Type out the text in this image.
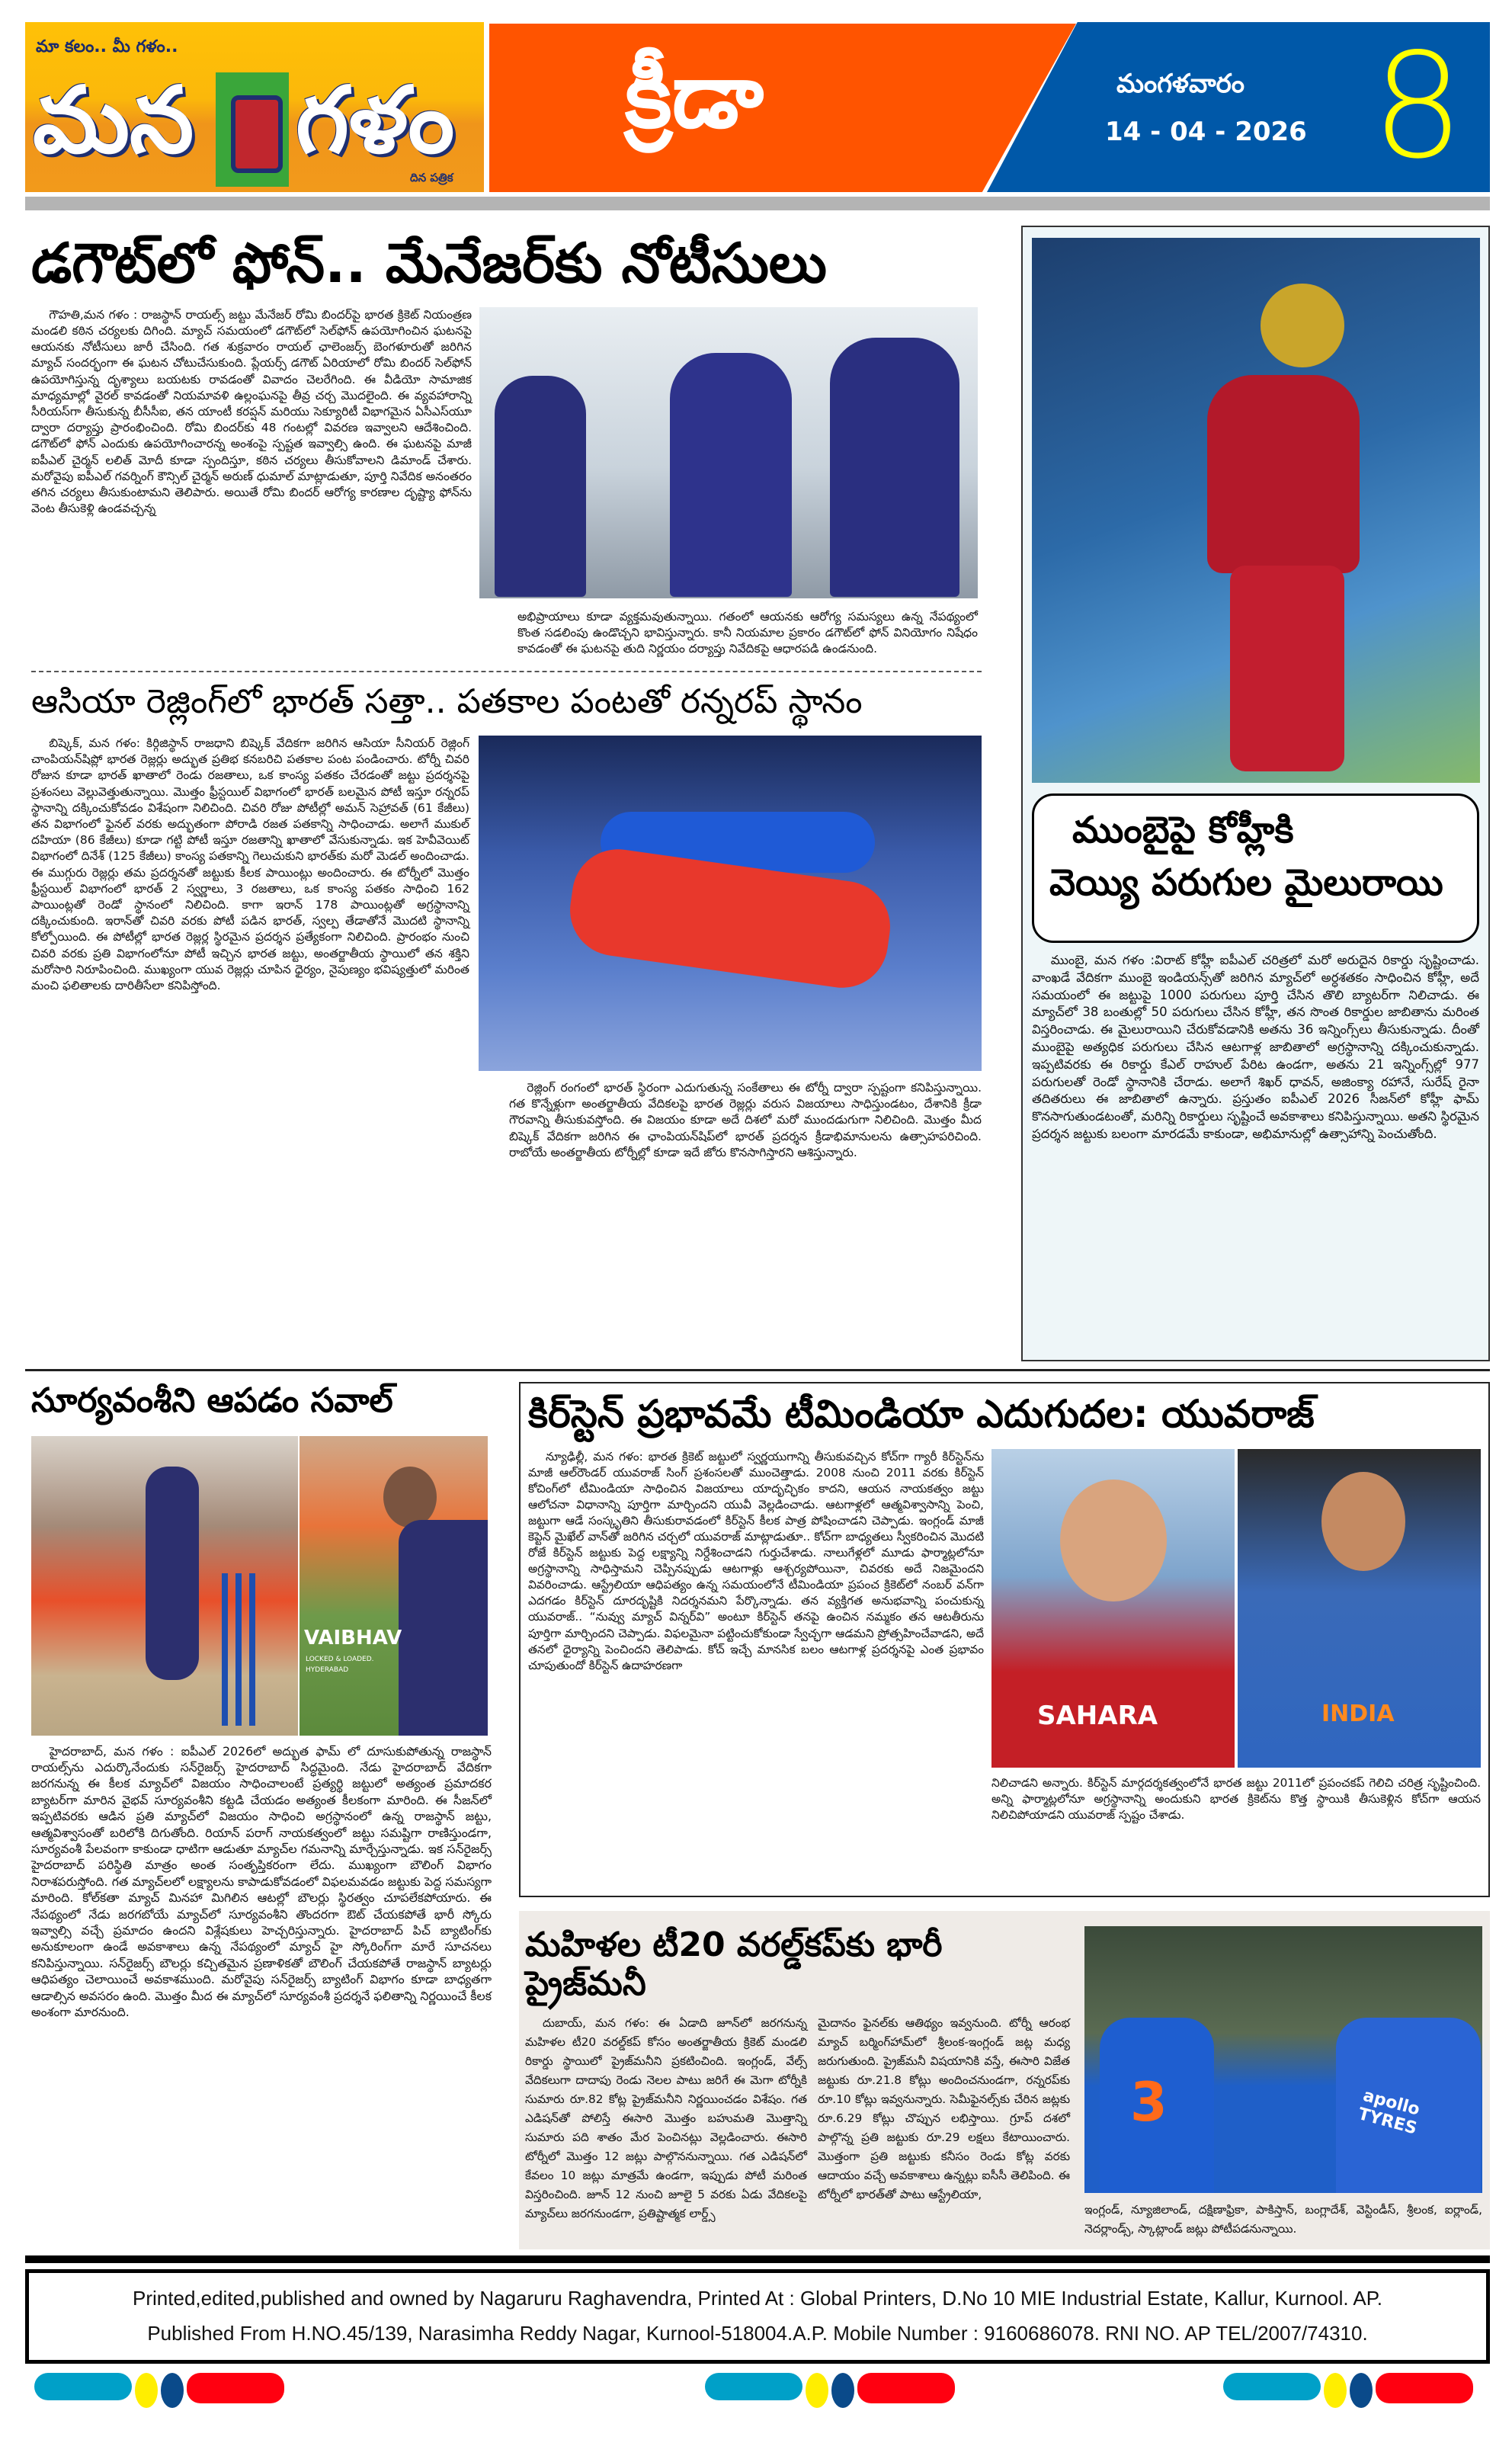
మా కలం.. మీ గళం..
మన గళం
దిన పత్రిక
క్రీడా	మంగళవారం
14 - 04 - 2026 8
డగౌట్‌లో ఫోన్.. మేనేజర్‌కు నోటీసులు
గౌహతి,మన గళం : రాజస్థాన్ రాయల్స్ జట్టు మేనేజర్ రోమి బిందర్‌పై భారత క్రికెట్ నియంత్రణ మండలి కఠిన చర్యలకు దిగింది. మ్యాచ్ సమయంలో డగౌట్‌లో సెల్‌ఫోన్ ఉపయోగించిన ఘటనపై ఆయనకు నోటీసులు జారీ చేసింది. గత శుక్రవారం రాయల్ ఛాలెంజర్స్ బెంగళూరుతో జరిగిన మ్యాచ్ సందర్భంగా ఈ ఘటన చోటుచేసుకుంది. ప్లేయర్స్ డగౌట్ ఏరియాలో రోమి బిందర్ సెల్‌ఫోన్ ఉపయోగిస్తున్న దృశ్యాలు బయటకు రావడంతో వివాదం చెలరేగింది. ఈ వీడియో సామాజిక మాధ్యమాల్లో వైరల్ కావడంతో నియమావళి ఉల్లంఘనపై తీవ్ర చర్చ మొదలైంది. ఈ వ్యవహారాన్ని సీరియస్‌గా తీసుకున్న బీసీసీఐ, తన యాంటీ కరప్షన్ మరియు సెక్యూరిటీ విభాగమైన ఏసీఎస్‌యూ ద్వారా దర్యాప్తు ప్రారంభించింది. రోమి బిందర్‌కు 48 గంటల్లో వివరణ ఇవ్వాలని ఆదేశించింది. డగౌట్‌లో ఫోన్ ఎందుకు ఉపయోగించారన్న అంశంపై స్పష్టత ఇవ్వాల్సి ఉంది. ఈ ఘటనపై మాజీ ఐపీఎల్ చైర్మన్ లలిత్ మోదీ కూడా స్పందిస్తూ, కఠిన చర్యలు తీసుకోవాలని డిమాండ్ చేశారు. మరోవైపు ఐపీఎల్ గవర్నింగ్ కౌన్సిల్ చైర్మన్ అరుణ్ ధుమాల్ మాట్లాడుతూ, పూర్తి నివేదిక అనంతరం తగిన చర్యలు తీసుకుంటామని తెలిపారు. అయితే రోమి బిందర్ ఆరోగ్య కారణాల దృష్ట్యా ఫోన్‌ను వెంట తీసుకెళ్లి ఉండవచ్చన్న
అభిప్రాయాలు కూడా వ్యక్తమవుతున్నాయి. గతంలో ఆయనకు ఆరోగ్య సమస్యలు ఉన్న నేపథ్యంలో కొంత సడలింపు ఉండొచ్చని భావిస్తున్నారు. కానీ నియమాల ప్రకారం డగౌట్‌లో ఫోన్ వినియోగం నిషేధం కావడంతో ఈ ఘటనపై తుది నిర్ణయం దర్యాప్తు నివేదికపై ఆధారపడి ఉండనుంది.
ఆసియా రెజ్లింగ్‌లో భారత్ సత్తా.. పతకాల పంటతో రన్నరప్ స్థానం
రెజ్లింగ్ రంగంలో భారత్ స్థిరంగా ఎదుగుతున్న సంకేతాలు ఈ టోర్నీ ద్వారా స్పష్టంగా కనిపిస్తున్నాయి. గత కొన్నేళ్లుగా అంతర్జాతీయ వేదికలపై భారత రెజ్లర్లు వరుస విజయాలు సాధిస్తుండటం, దేశానికి క్రీడా గౌరవాన్ని తీసుకువస్తోంది. ఈ విజయం కూడా అదే దిశలో మరో ముందడుగుగా నిలిచింది. మొత్తం మీద బిష్కెక్ వేదికగా జరిగిన ఈ ఛాంపియన్‌షిప్‌లో భారత్ ప్రదర్శన క్రీడాభిమానులను ఉత్సాహపరిచింది. రాబోయే అంతర్జాతీయ టోర్నీల్లో కూడా ఇదే జోరు కొనసాగిస్తారని ఆశిస్తున్నారు.
బిష్కెక్, మన గళం: కిర్గిజిస్థాన్ రాజధాని బిష్కెక్ వేదికగా జరిగిన ఆసియా సీనియర్ రెజ్లింగ్ చాంపియన్‌షిప్లో భారత రెజ్లర్లు అద్భుత ప్రతిభ కనబరిచి పతకాల పంట పండించారు. టోర్నీ చివరి రోజున కూడా భారత్ ఖాతాలో రెండు రజతాలు, ఒక కాంస్య పతకం చేరడంతో జట్టు ప్రదర్శనపై ప్రశంసలు వెల్లువెత్తుతున్నాయి. మొత్తం ఫ్రీస్టయిల్ విభాగంలో భారత్ బలమైన పోటీ ఇస్తూ రన్నరప్ స్థానాన్ని దక్కించుకోవడం విశేషంగా నిలిచింది. చివరి రోజు పోటీల్లో అమన్ సెహ్రావత్ (61 కేజీలు) తన విభాగంలో ఫైనల్ వరకు అద్భుతంగా పోరాడి రజత పతకాన్ని సాధించాడు. అలాగే ముకుల్ దహియా (86 కేజీలు) కూడా గట్టి పోటీ ఇస్తూ రజతాన్ని ఖాతాలో వేసుకున్నాడు. ఇక హెవీవెయిట్ విభాగంలో దినేశ్ (125 కేజీలు) కాంస్య పతకాన్ని గెలుచుకుని భారత్‌కు మరో మెడల్ అందించాడు. ఈ ముగ్గురు రెజ్లర్లు తమ ప్రదర్శనతో జట్టుకు కీలక పాయింట్లు అందించారు. ఈ టోర్నీలో మొత్తం ఫ్రీస్టయిల్ విభాగంలో భారత్ 2 స్వర్ణాలు, 3 రజతాలు, ఒక కాంస్య పతకం సాధించి 162 పాయింట్లతో రెండో స్థానంలో నిలిచింది. కాగా ఇరాన్ 178 పాయింట్లతో అగ్రస్థానాన్ని దక్కించుకుంది. ఇరాన్‌తో చివరి వరకు పోటీ పడిన భారత్, స్వల్ప తేడాతోనే మొదటి స్థానాన్ని కోల్పోయింది. ఈ పోటీల్లో భారత రెజ్లర్ల స్థిరమైన ప్రదర్శన ప్రత్యేకంగా నిలిచింది. ప్రారంభం నుంచి చివరి వరకు ప్రతి విభాగంలోనూ పోటీ ఇచ్చిన భారత జట్టు, అంతర్జాతీయ స్థాయిలో తన శక్తిని మరోసారి నిరూపించింది. ముఖ్యంగా యువ రెజ్లర్లు చూపిన ధైర్యం, నైపుణ్యం భవిష్యత్తులో మరింత మంచి ఫలితాలకు దారితీసేలా కనిపిస్తోంది.
ముంబైపై కోహ్లీకి
వెయ్యి పరుగుల మైలురాయి
ముంబై, మన గళం :విరాట్ కోహ్లీ ఐపీఎల్ చరిత్రలో మరో అరుదైన రికార్డు సృష్టించాడు. వాంఖడే వేదికగా ముంబై ఇండియన్స్‌తో జరిగిన మ్యాచ్‌లో అర్ధశతకం సాధించిన కోహ్లీ, అదే సమయంలో ఈ జట్టుపై 1000 పరుగులు పూర్తి చేసిన తొలి బ్యాటర్‌గా నిలిచాడు. ఈ మ్యాచ్‌లో 38 బంతుల్లో 50 పరుగులు చేసిన కోహ్లీ, తన సొంత రికార్డుల జాబితాను మరింత విస్తరించాడు. ఈ మైలురాయిని చేరుకోవడానికి అతను 36 ఇన్నింగ్స్‌లు తీసుకున్నాడు. దీంతో ముంబైపై అత్యధిక పరుగులు చేసిన ఆటగాళ్ల జాబితాలో అగ్రస్థానాన్ని దక్కించుకున్నాడు. ఇప్పటివరకు ఈ రికార్డు కేఎల్ రాహుల్ పేరిట ఉండగా, అతను 21 ఇన్నింగ్స్‌ల్లో 977 పరుగులతో రెండో స్థానానికి చేరాడు. అలాగే శిఖర్ ధావన్, అజింక్యా రహానే, సురేష్ రైనా తదితరులు ఈ జాబితాలో ఉన్నారు. ప్రస్తుతం ఐపీఎల్ 2026 సీజన్‌లో కోహ్లీ ఫామ్ కొనసాగుతుండటంతో, మరిన్ని రికార్డులు సృష్టించే అవకాశాలు కనిపిస్తున్నాయి. అతని స్థిరమైన ప్రదర్శన జట్టుకు బలంగా మారడమే కాకుండా, అభిమానుల్లో ఉత్సాహాన్ని పెంచుతోంది.
సూర్యవంశీని ఆపడం సవాల్
VAIBHAV
LOCKED & LOADED.
HYDERABAD
హైదరాబాద్, మన గళం : ఐపీఎల్ 2026లో అద్భుత ఫామ్ లో దూసుకుపోతున్న రాజస్థాన్ రాయల్స్‌ను ఎదుర్కొనేందుకు సన్‌రైజర్స్ హైదరాబాద్ సిద్ధమైంది. నేడు హైదరాబాద్ వేదికగా జరగనున్న ఈ కీలక మ్యాచ్‌లో విజయం సాధించాలంటే ప్రత్యర్థి జట్టులో అత్యంత ప్రమాదకర బ్యాటర్‌గా మారిన వైభవ్ సూర్యవంశీని కట్టడి చేయడం అత్యంత కీలకంగా మారింది. ఈ సీజన్‌లో ఇప్పటివరకు ఆడిన ప్రతి మ్యాచ్‌లో విజయం సాధించి అగ్రస్థానంలో ఉన్న రాజస్థాన్ జట్టు, ఆత్మవిశ్వాసంతో బరిలోకి దిగుతోంది. రియాన్ పరాగ్ నాయకత్వంలో జట్టు సమష్టిగా రాణిస్తుండగా, సూర్యవంశీ పేలవంగా కాకుండా ధాటిగా ఆడుతూ మ్యాచ్‌ల గమనాన్ని మార్చేస్తున్నాడు. ఇక సన్‌రైజర్స్ హైదరాబాద్ పరిస్థితి మాత్రం అంత సంతృప్తికరంగా లేదు. ముఖ్యంగా బౌలింగ్ విభాగం నిరాశపరుస్తోంది. గత మ్యాచ్‌లలో లక్ష్యాలను కాపాడుకోవడంలో విఫలమవడం జట్టుకు పెద్ద సమస్యగా మారింది. కోల్‌కతా మ్యాచ్ మినహా మిగిలిన ఆటల్లో బౌలర్లు స్థిరత్వం చూపలేకపోయారు. ఈ నేపథ్యంలో నేడు జరగబోయే మ్యాచ్‌లో సూర్యవంశీని తొందరగా ఔట్ చేయకపోతే భారీ స్కోరు ఇవ్వాల్సి వచ్చే ప్రమాదం ఉందని విశ్లేషకులు హెచ్చరిస్తున్నారు. హైదరాబాద్ పిచ్ బ్యాటింగ్‌కు అనుకూలంగా ఉండే అవకాశాలు ఉన్న నేపథ్యంలో మ్యాచ్ హై స్కోరింగ్‌గా మారే సూచనలు కనిపిస్తున్నాయి. సన్‌రైజర్స్ బౌలర్లు కచ్చితమైన ప్రణాళికతో బౌలింగ్ చేయకపోతే రాజస్థాన్ బ్యాటర్లు ఆధిపత్యం చెలాయించే అవకాశముంది. మరోవైపు సన్‌రైజర్స్ బ్యాటింగ్ విభాగం కూడా బాధ్యతగా ఆడాల్సిన అవసరం ఉంది. మొత్తం మీద ఈ మ్యాచ్‌లో సూర్యవంశీ ప్రదర్శనే ఫలితాన్ని నిర్ణయించే కీలక అంశంగా మారనుంది.
కిర్‌స్టెన్ ప్రభావమే టీమిండియా ఎదుగుదల: యువరాజ్
SAHARA	INDIA
నిలిచాడని అన్నారు. కిర్‌స్టెన్ మార్గదర్శకత్వంలోనే భారత జట్టు 2011లో ప్రపంచకప్ గెలిచి చరిత్ర సృష్టించింది. అన్ని ఫార్మాట్లలోనూ అగ్రస్థానాన్ని అందుకుని భారత క్రికెట్‌ను కొత్త స్థాయికి తీసుకెళ్లిన కోచ్‌గా ఆయన నిలిచిపోయాడని యువరాజ్ స్పష్టం చేశాడు.
న్యూఢిల్లీ, మన గళం: భారత క్రికెట్ జట్టులో స్వర్ణయుగాన్ని తీసుకువచ్చిన కోచ్‌గా గ్యారీ కిర్‌స్టెన్‌ను మాజీ ఆల్‌రౌండర్ యువరాజ్ సింగ్ ప్రశంసలతో ముంచెత్తాడు. 2008 నుంచి 2011 వరకు కిర్‌స్టెన్ కోచింగ్‌లో టీమిండియా సాధించిన విజయాలు యాదృచ్ఛికం కాదని, ఆయన నాయకత్వం జట్టు ఆలోచనా విధానాన్ని పూర్తిగా మార్చిందని యువీ వెల్లడించాడు. ఆటగాళ్లలో ఆత్మవిశ్వాసాన్ని పెంచి, జట్టుగా ఆడే సంస్కృతిని తీసుకురావడంలో కిర్‌స్టెన్ కీలక పాత్ర పోషించాడని చెప్పాడు. ఇంగ్లండ్ మాజీ కెప్టెన్ మైఖేల్ వాన్‌తో జరిగిన చర్చలో యువరాజ్ మాట్లాడుతూ.. కోచ్‌గా బాధ్యతలు స్వీకరించిన మొదటి రోజే కిర్‌స్టెన్ జట్టుకు పెద్ద లక్ష్యాన్ని నిర్దేశించాడని గుర్తుచేశాడు. నాలుగేళ్లలో మూడు ఫార్మాట్లలోనూ అగ్రస్థానాన్ని సాధిస్తామని చెప్పినప్పుడు ఆటగాళ్లు ఆశ్చర్యపోయినా, చివరకు అదే నిజమైందని వివరించాడు. ఆస్ట్రేలియా ఆధిపత్యం ఉన్న సమయంలోనే టీమిండియా ప్రపంచ క్రికెట్‌లో నంబర్ వన్‌గా ఎదగడం కిర్‌స్టెన్ దూరదృష్టికి నిదర్శనమని పేర్కొన్నాడు. తన వ్యక్తిగత అనుభవాన్ని పంచుకున్న యువరాజ్.. “నువ్వు మ్యాచ్ విన్నర్‌వి” అంటూ కిర్‌స్టెన్ తనపై ఉంచిన నమ్మకం తన ఆటతీరును పూర్తిగా మార్చిందని చెప్పాడు. విఫలమైనా పట్టించుకోకుండా స్వేచ్ఛగా ఆడమని ప్రోత్సహించేవాడని, అదే తనలో ధైర్యాన్ని పెంచిందని తెలిపాడు. కోచ్ ఇచ్చే మానసిక బలం ఆటగాళ్ల ప్రదర్శనపై ఎంత ప్రభావం చూపుతుందో కిర్‌స్టెన్ ఉదాహరణగా
మహిళల టీ20 వరల్డ్‌కప్‌కు భారీ ప్రైజ్‌మనీ
దుబాయ్, మన గళం: ఈ ఏడాది జూన్‌లో జరగనున్న మహిళల టీ20 వరల్డ్‌కప్ కోసం అంతర్జాతీయ క్రికెట్ మండలి రికార్డు స్థాయిలో ప్రైజ్‌మనీని ప్రకటించింది. ఇంగ్లండ్, వేల్స్ వేదికలుగా దాదాపు రెండు నెలల పాటు జరిగే ఈ మెగా టోర్నీకి సుమారు రూ.82 కోట్ల ప్రైజ్‌మనీని నిర్ణయించడం విశేషం. గత ఎడిషన్‌తో పోలిస్తే ఈసారి మొత్తం బహుమతి మొత్తాన్ని సుమారు పది శాతం మేర పెంచినట్లు వెల్లడించారు. ఈసారి టోర్నీలో మొత్తం 12 జట్లు పాల్గొననున్నాయి. గత ఎడిషన్‌లో కేవలం 10 జట్లు మాత్రమే ఉండగా, ఇప్పుడు పోటీ మరింత విస్తరించింది. జూన్ 12 నుంచి జూలై 5 వరకు ఏడు వేదికలపై మ్యాచ్‌లు జరగనుండగా, ప్రతిష్టాత్మక లార్డ్స్
మైదానం ఫైనల్‌కు ఆతిథ్యం ఇవ్వనుంది. టోర్నీ ఆరంభ మ్యాచ్ బర్మింగ్‌హామ్‌లో శ్రీలంక-ఇంగ్లండ్ జట్ల మధ్య జరుగుతుంది. ప్రైజ్‌మనీ విషయానికి వస్తే, ఈసారి విజేత జట్టుకు రూ.21.8 కోట్లు అందించనుండగా, రన్నరప్‌కు రూ.10 కోట్లు ఇవ్వనున్నారు. సెమీఫైనల్స్‌కు చేరిన జట్లకు రూ.6.29 కోట్లు చొప్పున లభిస్తాయి. గ్రూప్ దశలో పాల్గొన్న ప్రతి జట్టుకు రూ.29 లక్షలు కేటాయించారు. మొత్తంగా ప్రతి జట్టుకు కనీసం రెండు కోట్ల వరకు ఆదాయం వచ్చే అవకాశాలు ఉన్నట్లు ఐసీసీ తెలిపింది. ఈ టోర్నీలో భారత్‌తో పాటు ఆస్ట్రేలియా,
3	apollo TYRES
ఇంగ్లండ్, న్యూజిలాండ్, దక్షిణాఫ్రికా, పాకిస్తాన్, బంగ్లాదేశ్, వెస్టిండీస్, శ్రీలంక, ఐర్లాండ్, నెదర్లాండ్స్, స్కాట్లాండ్ జట్లు పోటీపడనున్నాయి.
Printed,edited,published and owned by Nagaruru Raghavendra, Printed At : Global Printers, D.No 10 MIE Industrial Estate, Kallur, Kurnool. AP.
Published From H.NO.45/139, Narasimha Reddy Nagar, Kurnool-518004.A.P. Mobile Number : 9160686078. RNI NO. AP TEL/2007/74310.
